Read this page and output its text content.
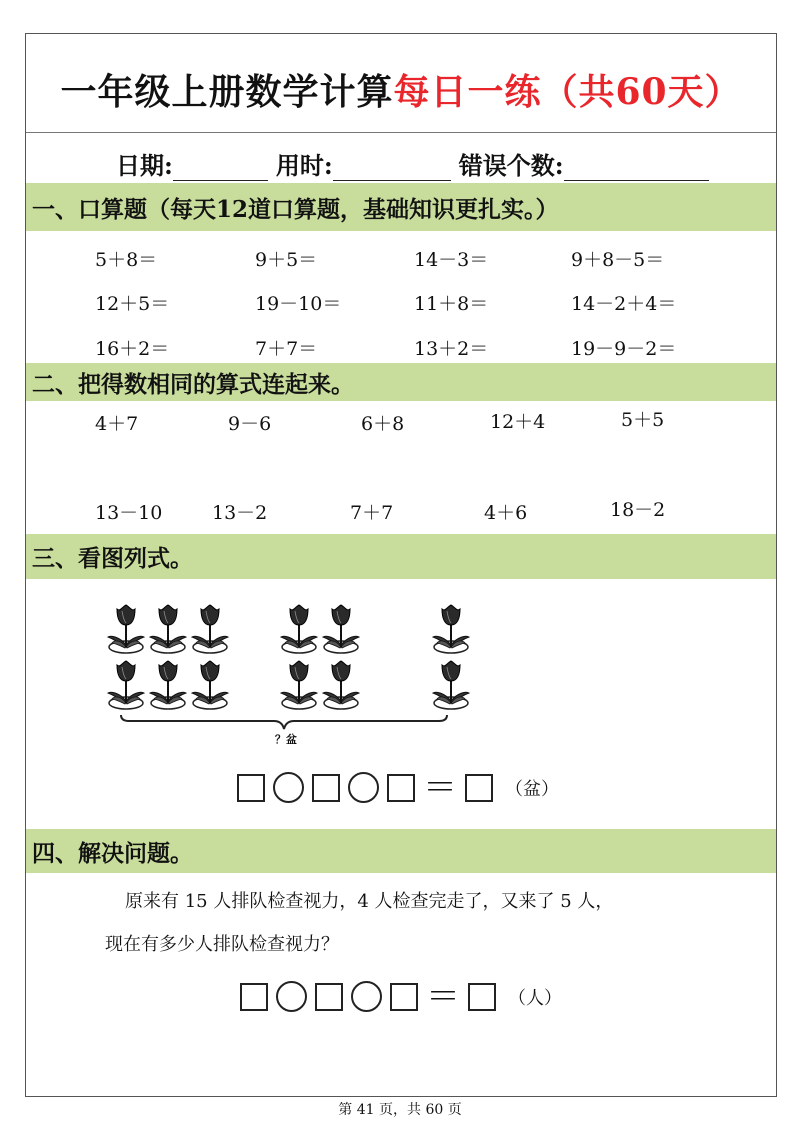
一年级上册数学计算每日一练（共60天）
日期:	用时:	错误个数:
一、口算题（每天12道口算题，基础知识更扎实。）
5＋8＝	9＋5＝	14－3＝	9＋8－5＝
12＋5＝	19－10＝	11＋8＝	14－2＋4＝
16＋2＝	7＋7＝	13＋2＝	19－9－2＝
二、把得数相同的算式连起来。
4＋7	9－6	6＋8	12＋4	5＋5
13－10	13－2	7＋7	4＋6	18－2
三、看图列式。
？盆
＝	（盆）
四、解决问题。
原来有 15 人排队检查视力，4 人检查完走了，又来了 5 人，
现在有多少人排队检查视力？
＝	（人）
第 41 页，共 60 页
